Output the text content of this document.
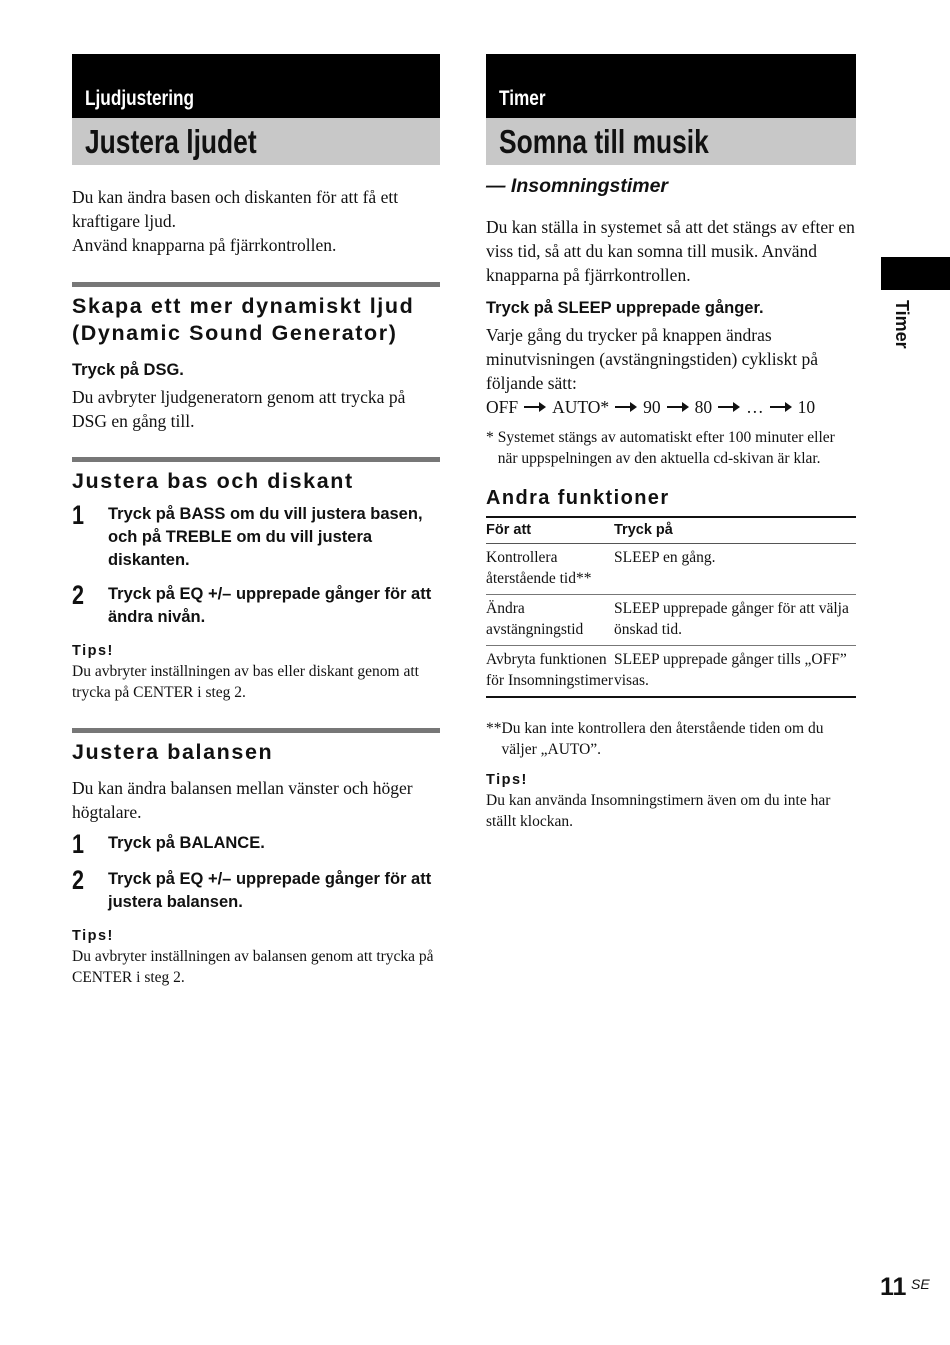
Ljudjustering
Justera ljudet

Du kan ändra basen och diskanten för att få ett kraftigare ljud.

Använd knapparna på fjärrkontrollen.

Skapa ett mer dynamiskt ljud (Dynamic Sound Generator)
Tryck på DSG.

Du avbryter ljudgeneratorn genom att trycka på DSG en gång till.

Justera bas och diskant
1	Tryck på BASS om du vill justera basen, och på TREBLE om du vill justera diskanten.
2	Tryck på EQ +/– upprepade gånger för att ändra nivån.
Tips!

Du avbryter inställningen av bas eller diskant genom att trycka på CENTER i steg 2.

Justera balansen

Du kan ändra balansen mellan vänster och höger högtalare.

1	Tryck på BALANCE.
2	Tryck på EQ +/– upprepade gånger för att justera balansen.
Tips!

Du avbryter inställningen av balansen genom att trycka på CENTER i steg 2.

Timer
Somna till musik
— Insomningstimer

Du kan ställa in systemet så att det stängs av efter en viss tid, så att du kan somna till musik. Använd knapparna på fjärrkontrollen.

Tryck på SLEEP upprepade gånger.

Varje gång du trycker på knappen ändras minutvisningen (avstängningstiden) cykliskt på följande sätt:

OFF AUTO* 90 80 … 10
* Systemet stängs av automatiskt efter 100 minuter eller när uppspelningen av den aktuella cd-skivan är klar.
Andra funktioner
För att	Tryck på
Kontrollera återstående tid**	SLEEP en gång.
Ändra avstängningstid	SLEEP upprepade gånger för att välja önskad tid.
Avbryta funktionen för Insomningstimer	SLEEP upprepade gånger tills „OFF” visas.
** Du kan inte kontrollera den återstående tiden om du väljer „AUTO”.
Tips!

Du kan använda Insomningstimern även om du inte har ställt klockan.

Timer
11 SE
